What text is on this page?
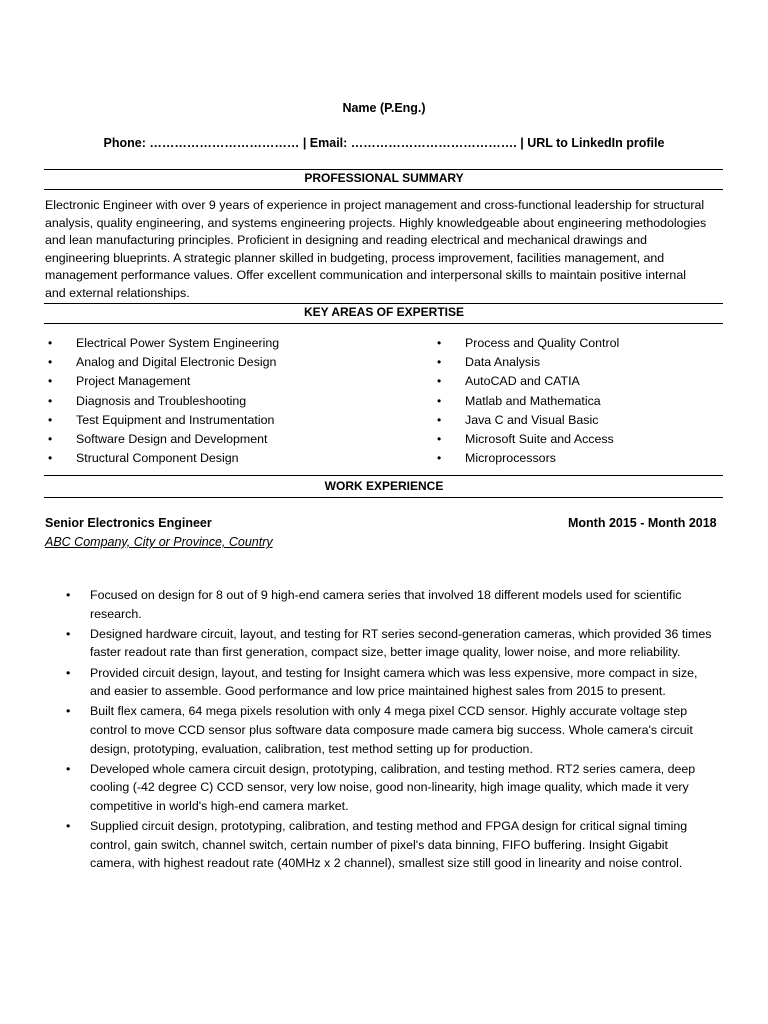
Name (P.Eng.)
Phone: ……………………………… | Email: …………………………………. | URL to LinkedIn profile
PROFESSIONAL SUMMARY
Electronic Engineer with over 9 years of experience in project management and cross-functional leadership for structural
analysis, quality engineering, and systems engineering projects. Highly knowledgeable about engineering methodologies
and lean manufacturing principles. Proficient in designing and reading electrical and mechanical drawings and
engineering blueprints. A strategic planner skilled in budgeting, process improvement, facilities management, and
management performance values. Offer excellent communication and interpersonal skills to maintain positive internal
and external relationships.
KEY AREAS OF EXPERTISE
• Electrical Power System Engineering
• Analog and Digital Electronic Design
• Project Management
• Diagnosis and Troubleshooting
• Test Equipment and Instrumentation
• Software Design and Development
• Structural Component Design
• Process and Quality Control
• Data Analysis
• AutoCAD and CATIA
• Matlab and Mathematica
• Java C and Visual Basic
• Microsoft Suite and Access
• Microprocessors
WORK EXPERIENCE
Senior Electronics Engineer	Month 2015 - Month 2018
ABC Company, City or Province, Country
• Focused on design for 8 out of 9 high-end camera series that involved 18 different models used for scientific
research.
• Designed hardware circuit, layout, and testing for RT series second-generation cameras, which provided 36 times
faster readout rate than first generation, compact size, better image quality, lower noise, and more reliability.
• Provided circuit design, layout, and testing for Insight camera which was less expensive, more compact in size,
and easier to assemble. Good performance and low price maintained highest sales from 2015 to present.
• Built flex camera, 64 mega pixels resolution with only 4 mega pixel CCD sensor. Highly accurate voltage step
control to move CCD sensor plus software data composure made camera big success. Whole camera's circuit
design, prototyping, evaluation, calibration, test method setting up for production.
• Developed whole camera circuit design, prototyping, calibration, and testing method. RT2 series camera, deep
cooling (-42 degree C) CCD sensor, very low noise, good non-linearity, high image quality, which made it very
competitive in world's high-end camera market.
• Supplied circuit design, prototyping, calibration, and testing method and FPGA design for critical signal timing
control, gain switch, channel switch, certain number of pixel's data binning, FIFO buffering. Insight Gigabit
camera, with highest readout rate (40MHz x 2 channel), smallest size still good in linearity and noise control.
